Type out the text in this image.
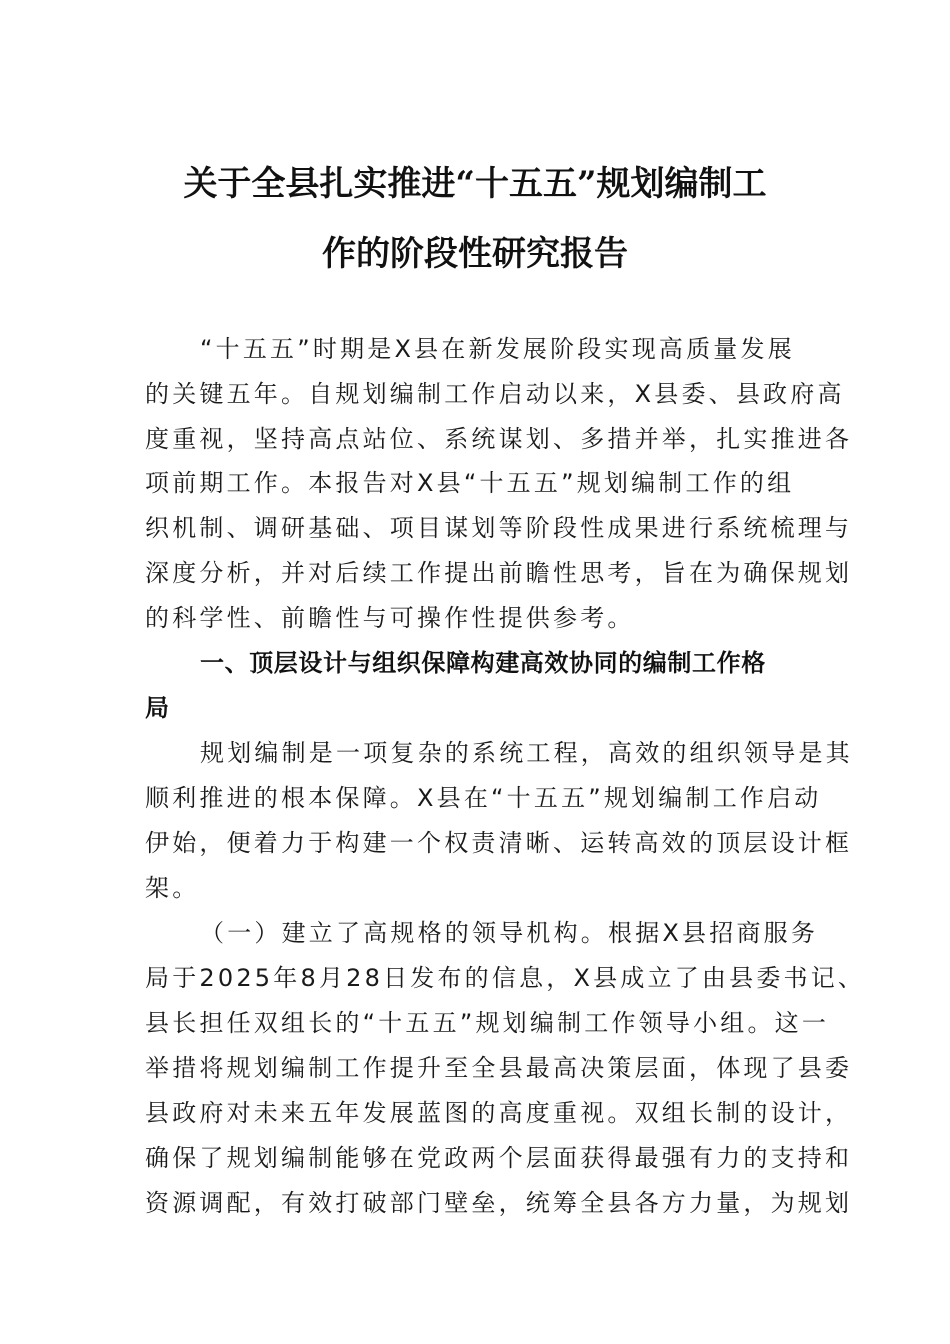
关于全县扎实推进“十五五”规划编制工
作的阶段性研究报告
“十五五”时期是X县在新发展阶段实现高质量发展
的关键五年。自规划编制工作启动以来，X县委、县政府高
度重视，坚持高点站位、系统谋划、多措并举，扎实推进各
项前期工作。本报告对X县“十五五”规划编制工作的组
织机制、调研基础、项目谋划等阶段性成果进行系统梳理与
深度分析，并对后续工作提出前瞻性思考，旨在为确保规划
的科学性、前瞻性与可操作性提供参考。
一、顶层设计与组织保障构建高效协同的编制工作格
局
规划编制是一项复杂的系统工程，高效的组织领导是其
顺利推进的根本保障。X县在“十五五”规划编制工作启动
伊始，便着力于构建一个权责清晰、运转高效的顶层设计框
架。
（一）建立了高规格的领导机构。根据X县招商服务
局于2025年8月28日发布的信息，X县成立了由县委书记、
县长担任双组长的“十五五”规划编制工作领导小组。这一
举措将规划编制工作提升至全县最高决策层面，体现了县委
县政府对未来五年发展蓝图的高度重视。双组长制的设计，
确保了规划编制能够在党政两个层面获得最强有力的支持和
资源调配，有效打破部门壁垒，统筹全县各方力量，为规划
